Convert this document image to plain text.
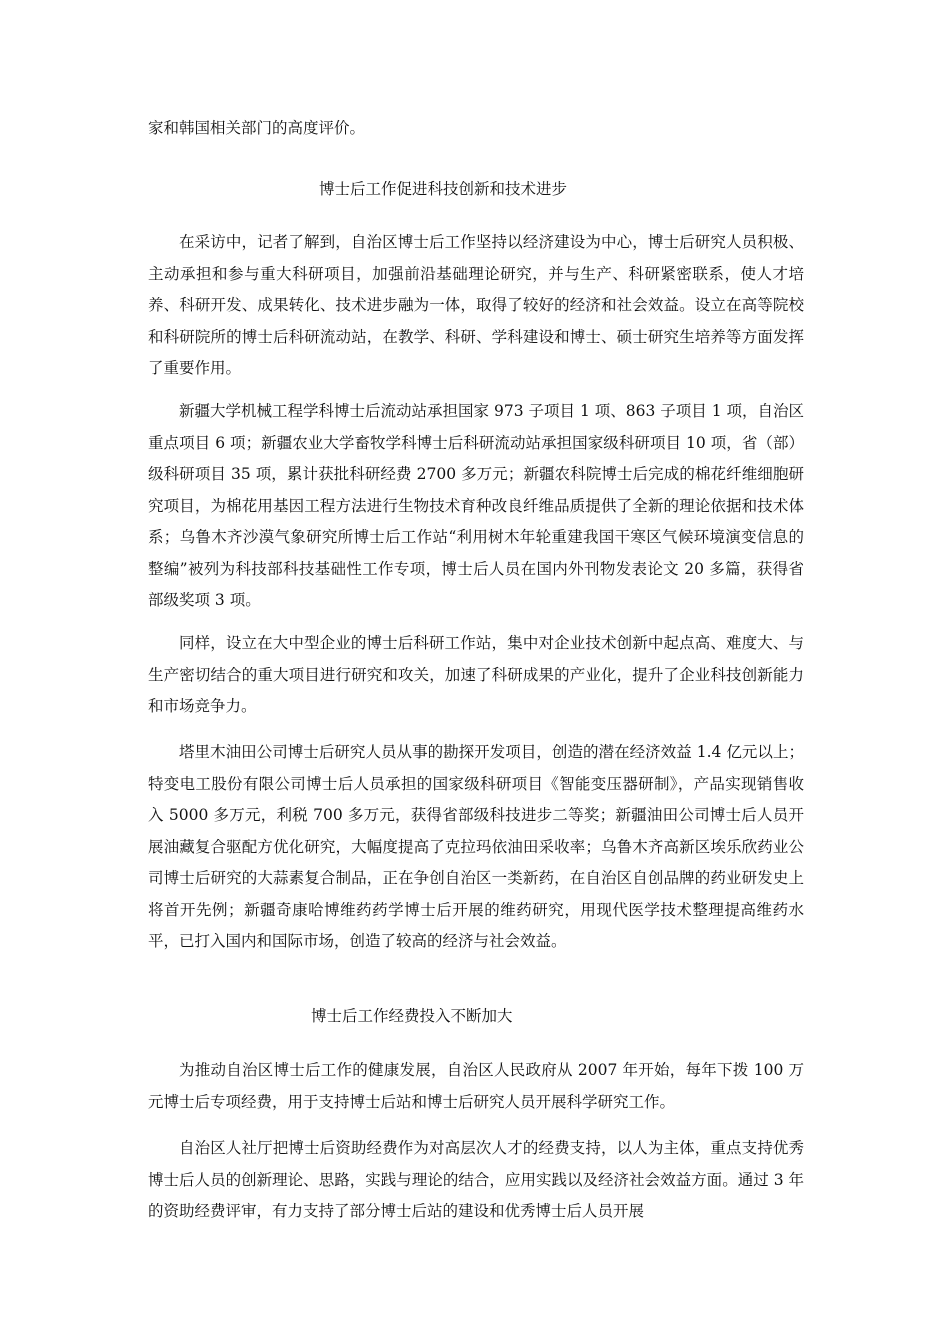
家和韩国相关部门的高度评价。

博士后工作促进科技创新和技术进步

在采访中，记者了解到，自治区博士后工作坚持以经济建设为中心，博士后研究人员积极、主动承担和参与重大科研项目，加强前沿基础理论研究，并与生产、科研紧密联系，使人才培养、科研开发、成果转化、技术进步融为一体，取得了较好的经济和社会效益。设立在高等院校和科研院所的博士后科研流动站，在教学、科研、学科建设和博士、硕士研究生培养等方面发挥了重要作用。

新疆大学机械工程学科博士后流动站承担国家 973 子项目 1 项、863 子项目 1 项，自治区重点项目 6 项；新疆农业大学畜牧学科博士后科研流动站承担国家级科研项目 10 项，省（部）级科研项目 35 项，累计获批科研经费 2700 多万元；新疆农科院博士后完成的棉花纤维细胞研究项目，为棉花用基因工程方法进行生物技术育种改良纤维品质提供了全新的理论依据和技术体系；乌鲁木齐沙漠气象研究所博士后工作站“利用树木年轮重建我国干寒区气候环境演变信息的整编”被列为科技部科技基础性工作专项，博士后人员在国内外刊物发表论文 20 多篇，获得省部级奖项 3 项。

同样，设立在大中型企业的博士后科研工作站，集中对企业技术创新中起点高、难度大、与生产密切结合的重大项目进行研究和攻关，加速了科研成果的产业化，提升了企业科技创新能力和市场竞争力。

塔里木油田公司博士后研究人员从事的勘探开发项目，创造的潜在经济效益 1.4 亿元以上；特变电工股份有限公司博士后人员承担的国家级科研项目《智能变压器研制》，产品实现销售收入 5000 多万元，利税 700 多万元，获得省部级科技进步二等奖；新疆油田公司博士后人员开展油藏复合驱配方优化研究，大幅度提高了克拉玛依油田采收率；乌鲁木齐高新区埃乐欣药业公司博士后研究的大蒜素复合制品，正在争创自治区一类新药，在自治区自创品牌的药业研发史上将首开先例；新疆奇康哈博维药药学博士后开展的维药研究，用现代医学技术整理提高维药水平，已打入国内和国际市场，创造了较高的经济与社会效益。

博士后工作经费投入不断加大

为推动自治区博士后工作的健康发展，自治区人民政府从 2007 年开始，每年下拨 100 万元博士后专项经费，用于支持博士后站和博士后研究人员开展科学研究工作。

自治区人社厅把博士后资助经费作为对高层次人才的经费支持，以人为主体，重点支持优秀博士后人员的创新理论、思路，实践与理论的结合，应用实践以及经济社会效益方面。通过 3 年的资助经费评审，有力支持了部分博士后站的建设和优秀博士后人员开展
